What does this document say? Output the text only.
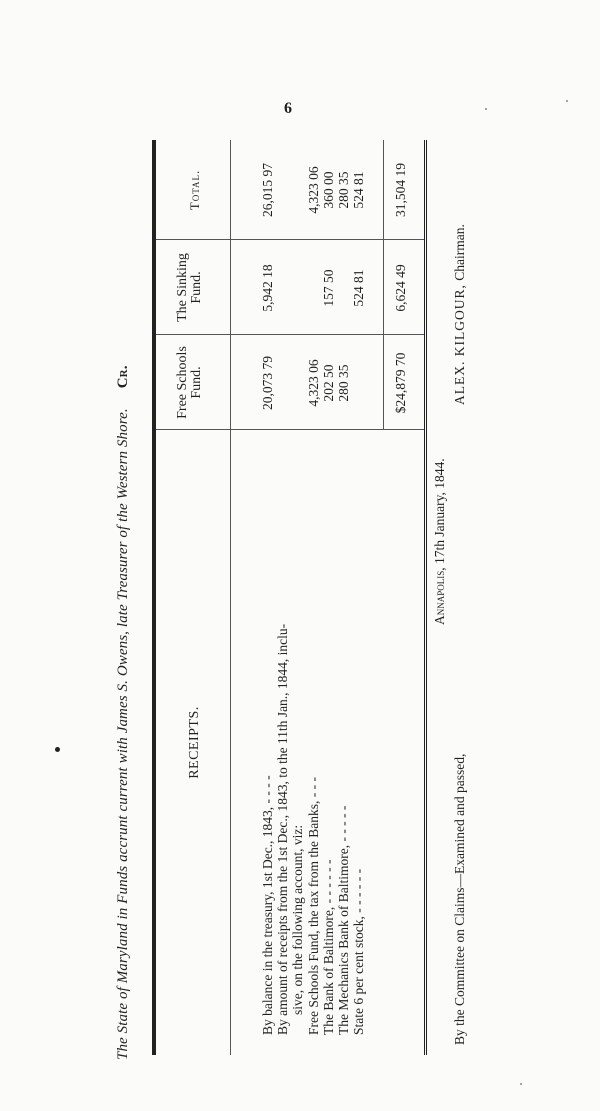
6
The State of Maryland in Funds accrunt current with James S. Owens, late Treasurer of the Western Shore.Cr.
RECEIPTS.
Free Schools Fund.
The Sinking Fund.
Total.
By balance in the treasury, 1st Dec., 1843, - - - - By amount of receipts from the 1st Dec., 1843, to the 11th Jan., 1844, inclu- sive, on the following account, viz: Free Schools Fund, the tax from the Banks, - - - The Bank of Baltimore, - - - - - - The Mechanics Bank of Baltimore, - - - - - State 6 per cent stock, - - - - - -
20,073 79 4,323 06 202 50 280 35
5,942 18	157 50 524 81
26,015 97 4,323 06 360 00 280 35 524 81
$24,879 70
6,624 49
31,504 19
Annapolis, 17th January, 1844.
By the Committee on Claims—Examined and passed,
ALEX. KILGOUR, Chairman.
